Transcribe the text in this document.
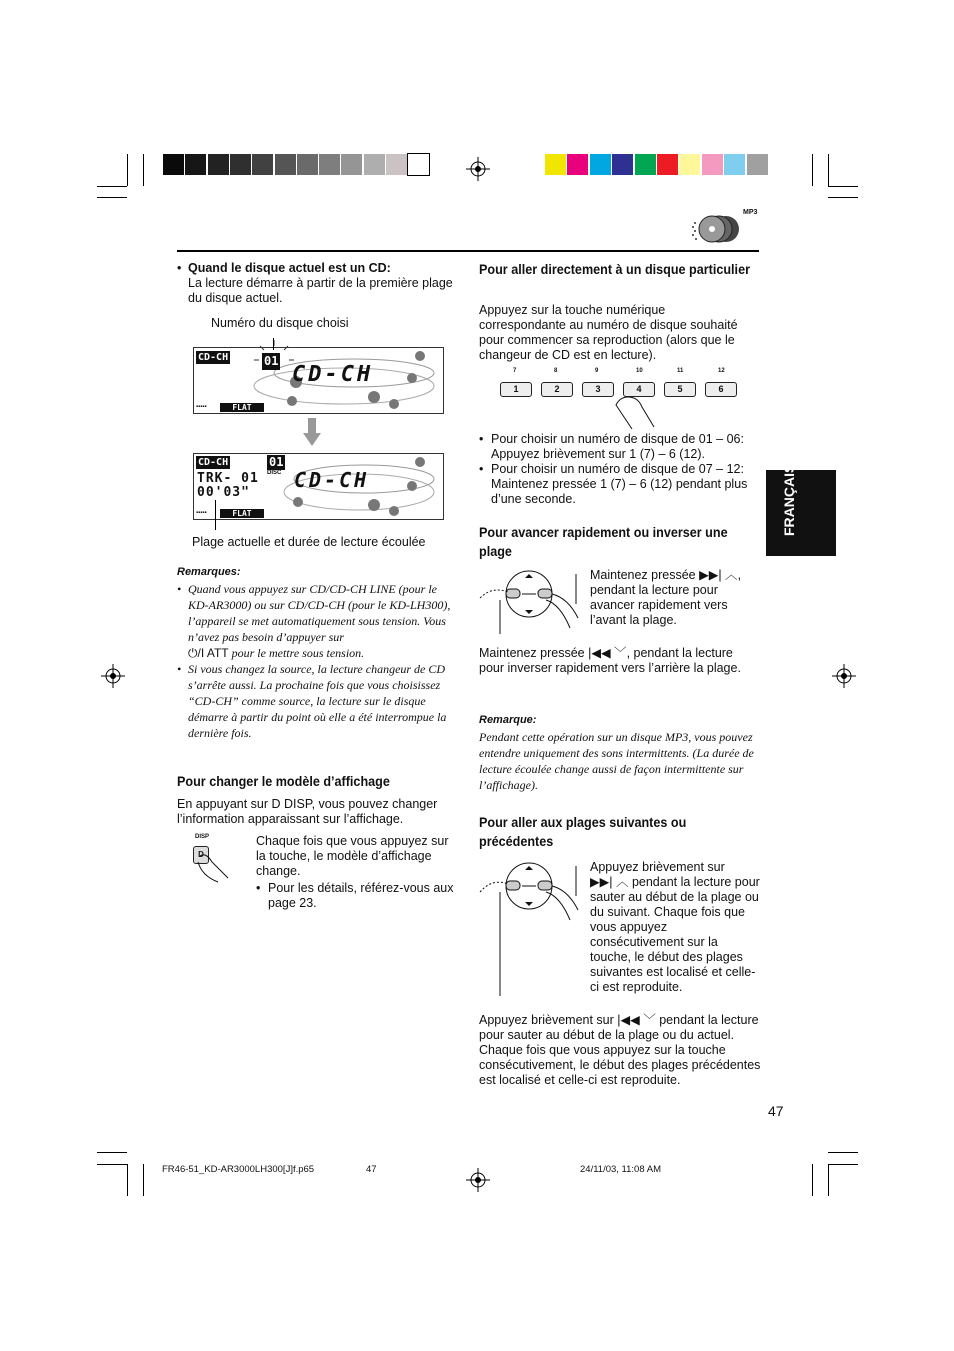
MP3
FRANÇAIS
• Quand le disque actuel est un CD:
La lecture démarre à partir de la première plage du disque actuel.
Numéro du disque choisi
CD-CH	01
CD-CH
▪▪▪▪▪	FLAT
CD-CH	01
DISC
TRK- 01
00'03"
CD-CH
▪▪▪▪▪	FLAT
Plage actuelle et durée de lecture écoulée
Remarques:
• Quand vous appuyez sur CD/CD-CH LINE (pour le KD-AR3000) ou sur CD/CD-CH (pour le KD-LH300), l’appareil se met automatiquement sous tension. Vous n’avez pas besoin d’appuyer sur
⏻/I ATT pour le mettre sous tension.
• Si vous changez la source, la lecture changeur de CD s’arrête aussi. La prochaine fois que vous choisissez “CD-CH” comme source, la lecture sur le disque démarre à partir du point où elle a été interrompue la dernière fois.
Pour changer le modèle d’affichage
En appuyant sur D DISP, vous pouvez changer l’information apparaissant sur l’affichage.
DISP
D
Chaque fois que vous appuyez sur la touche, le modèle d’affichage change.
• Pour les détails, référez-vous aux page 23.
Pour aller directement à un disque particulier
Appuyez sur la touche numérique correspondante au numéro de disque souhaité pour commencer sa reproduction (alors que le changeur de CD est en lecture).
1
7
2
8
3
9
4
10
5
11
6
12
• Pour choisir un numéro de disque de 01 – 06: Appuyez brièvement sur 1 (7) – 6 (12).
• Pour choisir un numéro de disque de 07 – 12: Maintenez pressée 1 (7) – 6 (12) pendant plus d’une seconde.
Pour avancer rapidement ou inverser une plage
Maintenez pressée ▶▶| ︿, pendant la lecture pour avancer rapidement vers l’avant la plage.
Maintenez pressée |◀◀ ﹀, pendant la lecture pour inverser rapidement vers l’arrière la plage.
Remarque:
Pendant cette opération sur un disque MP3, vous pouvez entendre uniquement des sons intermittents. (La durée de lecture écoulée change aussi de façon intermittente sur l’affichage).
Pour aller aux plages suivantes ou précédentes
Appuyez brièvement sur
▶▶| ︿ pendant la lecture pour sauter au début de la plage ou du suivant. Chaque fois que vous appuyez consécutivement sur la touche, le début des plages suivantes est localisé et celle-ci est reproduite.
Appuyez brièvement sur |◀◀ ﹀ pendant la lecture pour sauter au début de la plage ou du actuel. Chaque fois que vous appuyez sur la touche consécutivement, le début des plages précédentes est localisé et celle-ci est reproduite.
47
FR46-51_KD-AR3000LH300[J]f.p65	47	24/11/03, 11:08 AM
